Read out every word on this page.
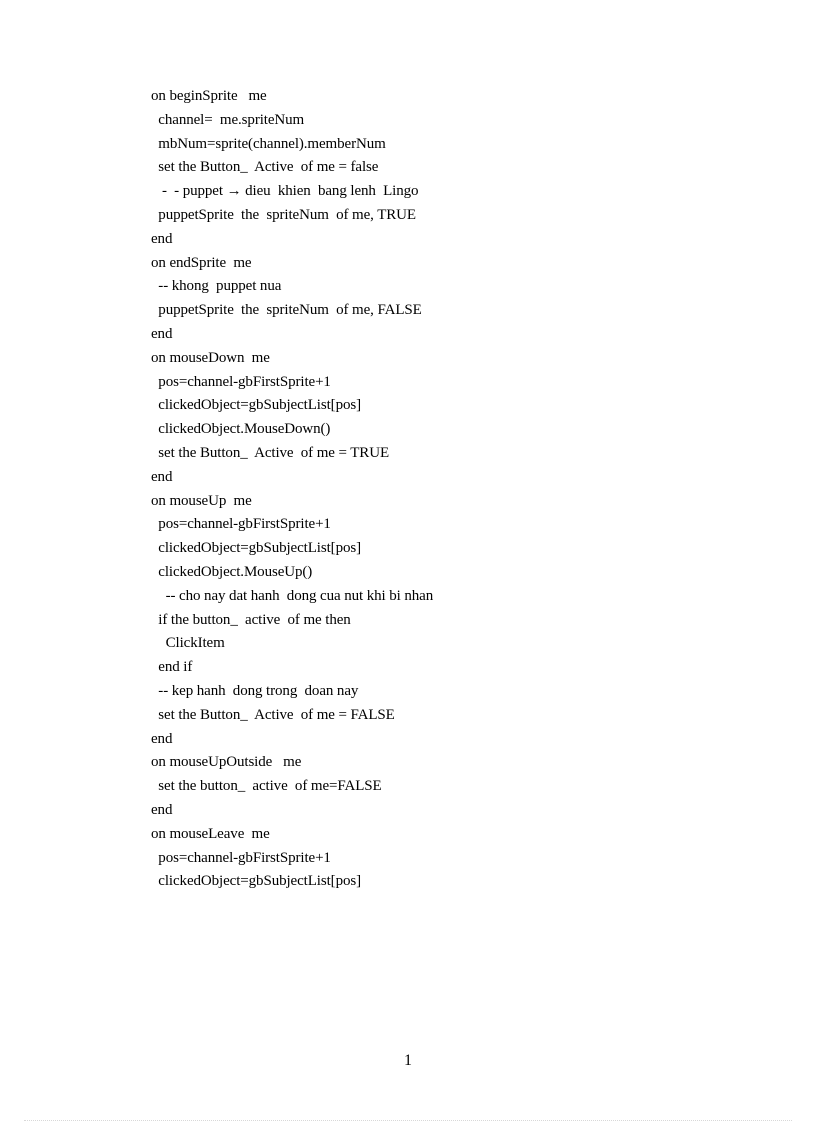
on beginSprite   me
channel=  me.spriteNum
mbNum=sprite(channel).memberNum
set the Button_  Active  of me = false
-  - puppet → dieu  khien  bang lenh  Lingo
puppetSprite  the  spriteNum  of me, TRUE
end
on endSprite  me
-- khong  puppet nua
puppetSprite  the  spriteNum  of me, FALSE
end
on mouseDown  me
pos=channel-gbFirstSprite+1
clickedObject=gbSubjectList[pos]
clickedObject.MouseDown()
set the Button_  Active  of me = TRUE
end
on mouseUp  me
pos=channel-gbFirstSprite+1
clickedObject=gbSubjectList[pos]
clickedObject.MouseUp()
-- cho nay dat hanh  dong cua nut khi bi nhan
if the button_  active  of me then
ClickItem
end if
-- kep hanh  dong trong  doan nay
set the Button_  Active  of me = FALSE
end
on mouseUpOutside   me
set the button_  active  of me=FALSE
end
on mouseLeave  me
pos=channel-gbFirstSprite+1
clickedObject=gbSubjectList[pos]
1
